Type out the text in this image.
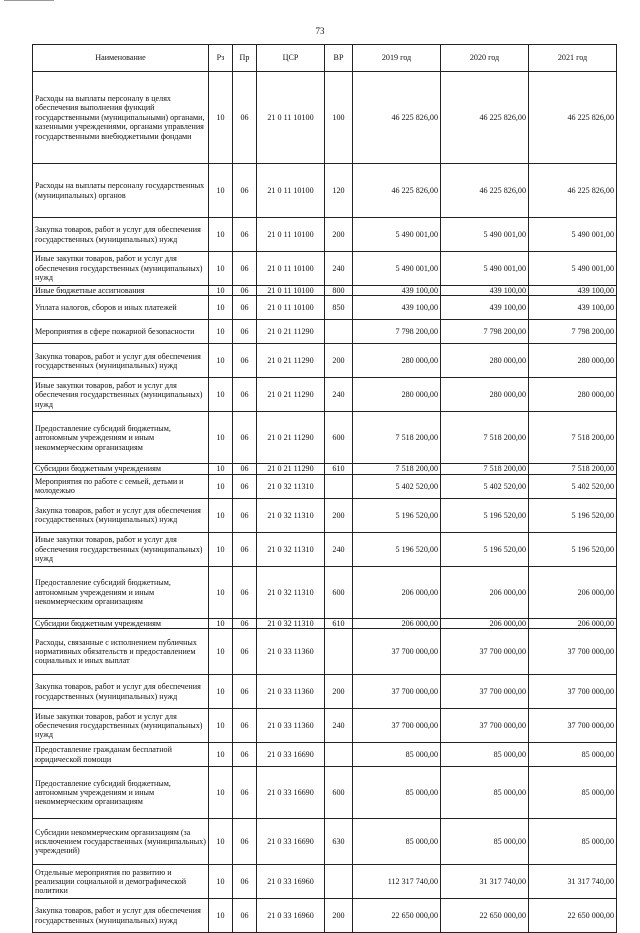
73
Наименование	Рз	Пр	ЦСР	ВР	2019 год	2020 год	2021 год
Расходы на выплаты персоналу в целях обеспечения выполнения функций государственными (муниципальными) органами, казенными учреждениями, органами управления государственными внебюджетными фондами	10	06	21 0 11 10100	100	46 225 826,00	46 225 826,00	46 225 826,00
Расходы на выплаты персоналу государственных (муниципальных) органов	10	06	21 0 11 10100	120	46 225 826,00	46 225 826,00	46 225 826,00
Закупка товаров, работ и услуг для обеспечения государственных (муниципальных) нужд	10	06	21 0 11 10100	200	5 490 001,00	5 490 001,00	5 490 001,00
Иные закупки товаров, работ и услуг для обеспечения государственных (муниципальных) нужд	10	06	21 0 11 10100	240	5 490 001,00	5 490 001,00	5 490 001,00
Иные бюджетные ассигнования	10	06	21 0 11 10100	800	439 100,00	439 100,00	439 100,00
Уплата налогов, сборов и иных платежей	10	06	21 0 11 10100	850	439 100,00	439 100,00	439 100,00
Мероприятия в сфере пожарной безопасности	10	06	21 0 21 11290		7 798 200,00	7 798 200,00	7 798 200,00
Закупка товаров, работ и услуг для обеспечения государственных (муниципальных) нужд	10	06	21 0 21 11290	200	280 000,00	280 000,00	280 000,00
Иные закупки товаров, работ и услуг для обеспечения государственных (муниципальных) нужд	10	06	21 0 21 11290	240	280 000,00	280 000,00	280 000,00
Предоставление субсидий бюджетным, автономным учреждениям и иным некоммерческим организациям	10	06	21 0 21 11290	600	7 518 200,00	7 518 200,00	7 518 200,00
Субсидии бюджетным учреждениям	10	06	21 0 21 11290	610	7 518 200,00	7 518 200,00	7 518 200,00
Мероприятия по работе с семьей, детьми и молодежью	10	06	21 0 32 11310		5 402 520,00	5 402 520,00	5 402 520,00
Закупка товаров, работ и услуг для обеспечения государственных (муниципальных) нужд	10	06	21 0 32 11310	200	5 196 520,00	5 196 520,00	5 196 520,00
Иные закупки товаров, работ и услуг для обеспечения государственных (муниципальных) нужд	10	06	21 0 32 11310	240	5 196 520,00	5 196 520,00	5 196 520,00
Предоставление субсидий бюджетным, автономным учреждениям и иным некоммерческим организациям	10	06	21 0 32 11310	600	206 000,00	206 000,00	206 000,00
Субсидии бюджетным учреждениям	10	06	21 0 32 11310	610	206 000,00	206 000,00	206 000,00
Расходы, связанные с исполнением публичных нормативных обязательств и предоставлением социальных и иных выплат	10	06	21 0 33 11360		37 700 000,00	37 700 000,00	37 700 000,00
Закупка товаров, работ и услуг для обеспечения государственных (муниципальных) нужд	10	06	21 0 33 11360	200	37 700 000,00	37 700 000,00	37 700 000,00
Иные закупки товаров, работ и услуг для обеспечения государственных (муниципальных) нужд	10	06	21 0 33 11360	240	37 700 000,00	37 700 000,00	37 700 000,00
Предоставление гражданам бесплатной юридической помощи	10	06	21 0 33 16690		85 000,00	85 000,00	85 000,00
Предоставление субсидий бюджетным, автономным учреждениям и иным некоммерческим организациям	10	06	21 0 33 16690	600	85 000,00	85 000,00	85 000,00
Субсидии некоммерческим организациям (за исключением государственных (муниципальных) учреждений)	10	06	21 0 33 16690	630	85 000,00	85 000,00	85 000,00
Отдельные мероприятия по развитию и реализации социальной и демографической политики	10	06	21 0 33 16960		112 317 740,00	31 317 740,00	31 317 740,00
Закупка товаров, работ и услуг для обеспечения государственных (муниципальных) нужд	10	06	21 0 33 16960	200	22 650 000,00	22 650 000,00	22 650 000,00
